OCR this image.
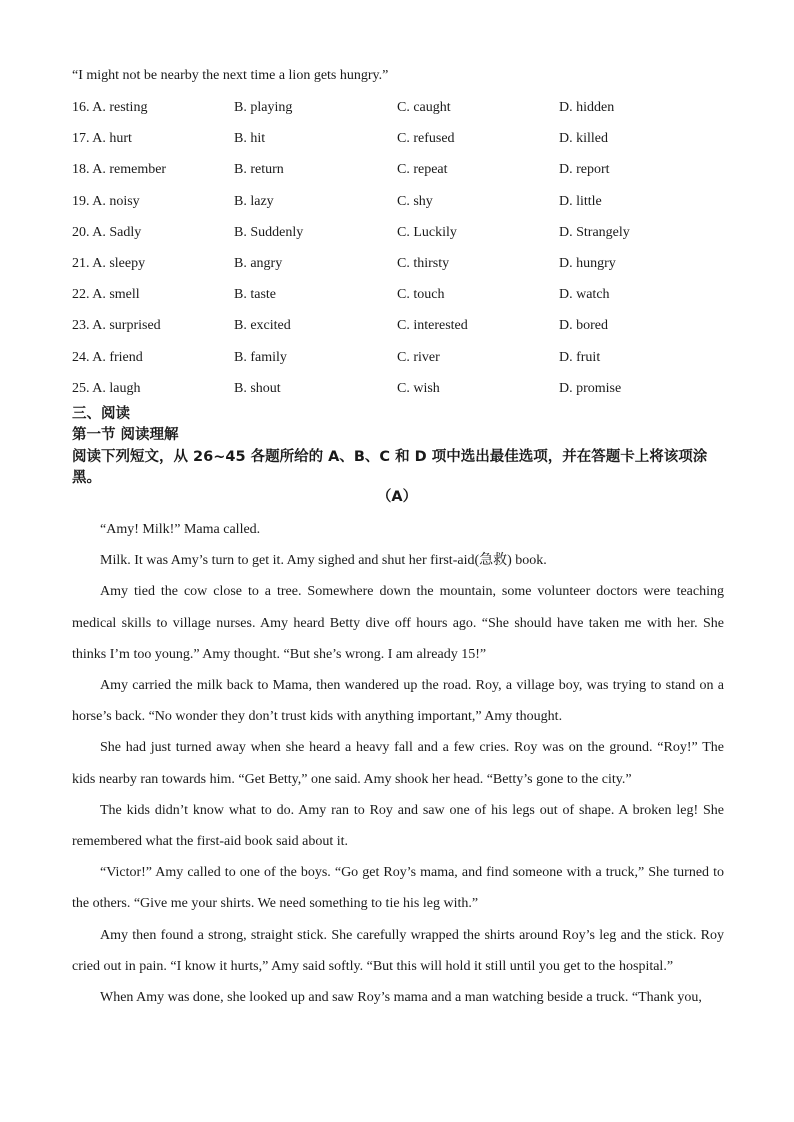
“I might not be nearby the next time a lion gets hungry.”
16. A. resting	B. playing	C. caught	D. hidden
17. A. hurt	B. hit	C. refused	D. killed
18. A. remember	B. return	C. repeat	D. report
19. A. noisy	B. lazy	C. shy	D. little
20. A. Sadly	B. Suddenly	C. Luckily	D. Strangely
21. A. sleepy	B. angry	C. thirsty	D. hungry
22. A. smell	B. taste	C. touch	D. watch
23. A. surprised	B. excited	C. interested	D. bored
24. A. friend	B. family	C. river	D. fruit
25. A. laugh	B. shout	C. wish	D. promise
三、阅读
第一节 阅读理解
阅读下列短文，从 26~45 各题所给的 A、B、C 和 D 项中选出最佳选项，并在答题卡上将该项涂黑。
（A）

“Amy! Milk!” Mama called.

Milk. It was Amy’s turn to get it. Amy sighed and shut her first-aid(急救) book.

Amy tied the cow close to a tree. Somewhere down the mountain, some volunteer doctors were teaching medical skills to village nurses. Amy heard Betty dive off hours ago. “She should have taken me with her. She thinks I’m too young.” Amy thought. “But she’s wrong. I am already 15!”

Amy carried the milk back to Mama, then wandered up the road. Roy, a village boy, was trying to stand on a horse’s back. “No wonder they don’t trust kids with anything important,” Amy thought.

She had just turned away when she heard a heavy fall and a few cries. Roy was on the ground. “Roy!” The kids nearby ran towards him. “Get Betty,” one said. Amy shook her head. “Betty’s gone to the city.”

The kids didn’t know what to do. Amy ran to Roy and saw one of his legs out of shape. A broken leg! She remembered what the first-aid book said about it.

“Victor!” Amy called to one of the boys. “Go get Roy’s mama, and find someone with a truck,” She turned to the others. “Give me your shirts. We need something to tie his leg with.”

Amy then found a strong, straight stick. She carefully wrapped the shirts around Roy’s leg and the stick. Roy cried out in pain. “I know it hurts,” Amy said softly. “But this will hold it still until you get to the hospital.”

When Amy was done, she looked up and saw Roy’s mama and a man watching beside a truck. “Thank you,
